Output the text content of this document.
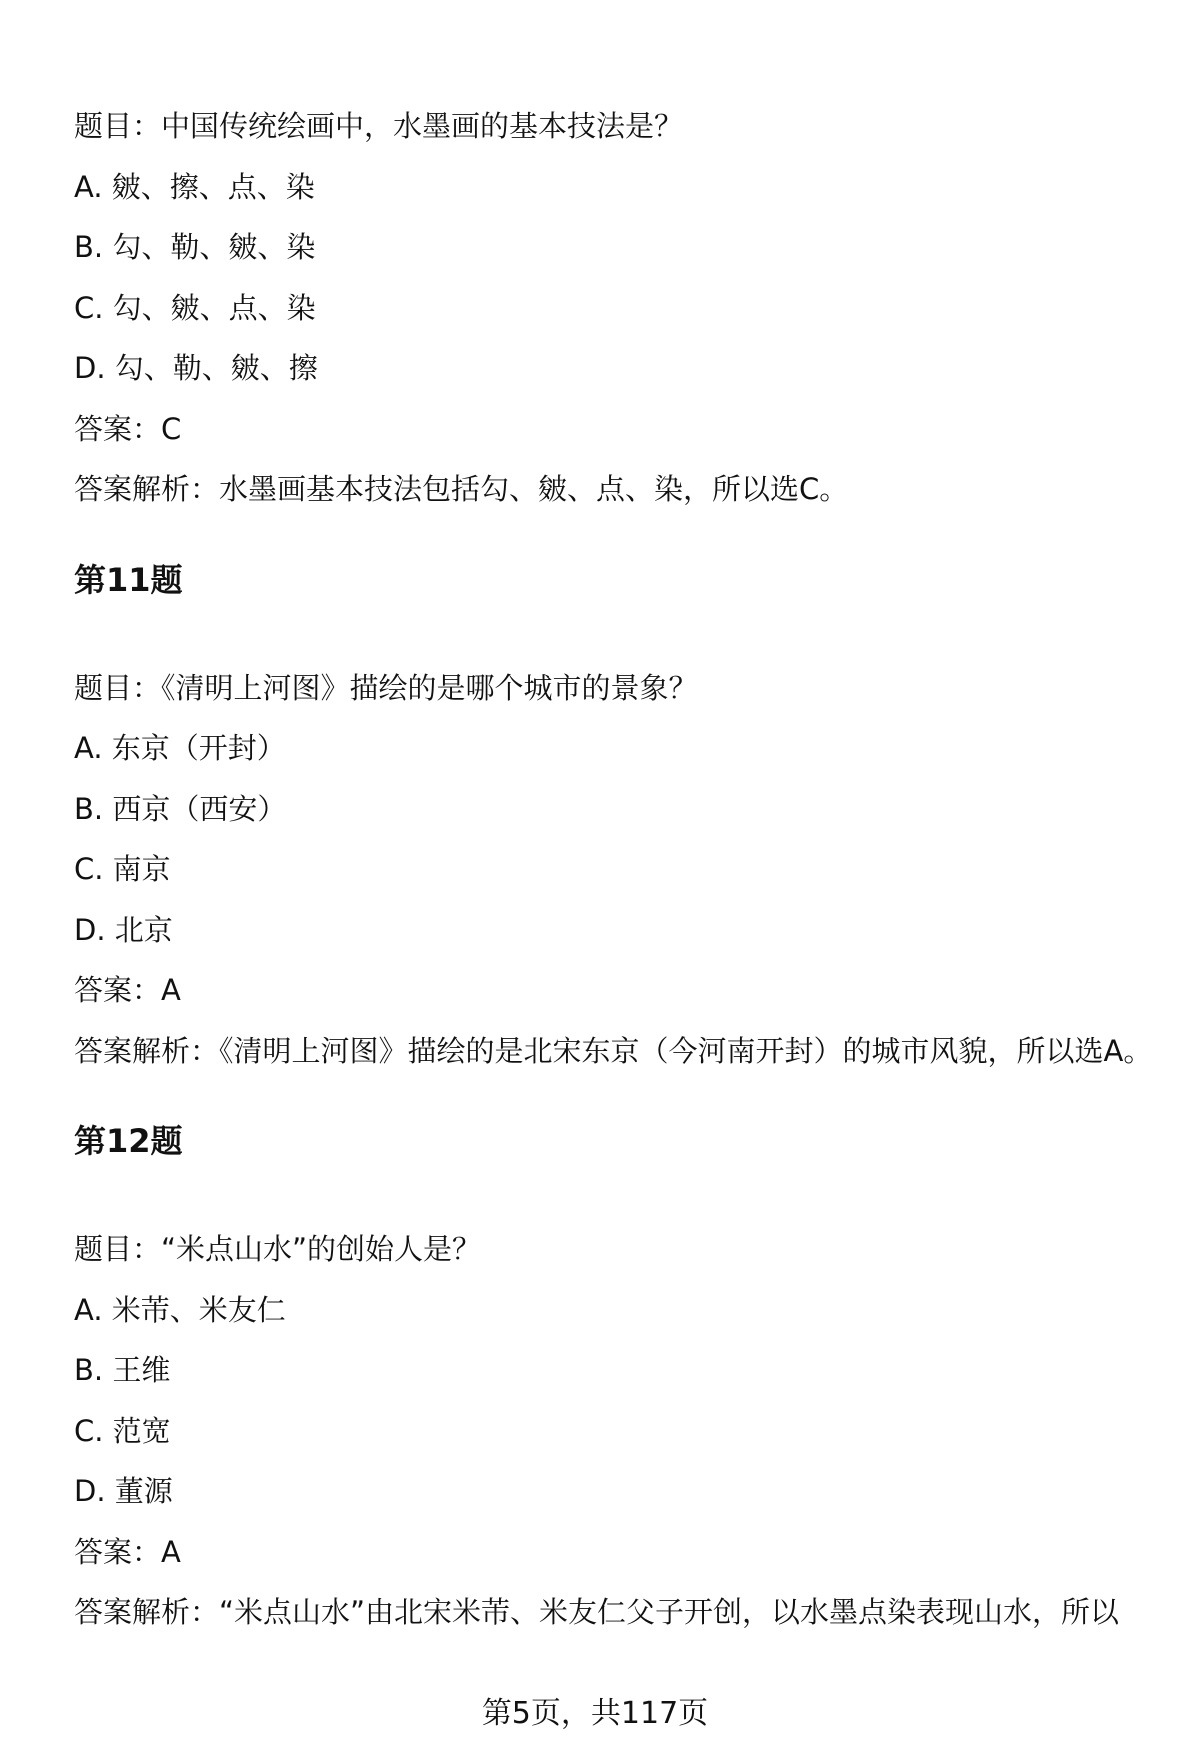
题目：中国传统绘画中，水墨画的基本技法是？
A. 皴、擦、点、染
B. 勾、勒、皴、染
C. 勾、皴、点、染
D. 勾、勒、皴、擦
答案：C
答案解析：水墨画基本技法包括勾、皴、点、染，所以选C。
第11题
题目：《清明上河图》描绘的是哪个城市的景象？
A. 东京（开封）
B. 西京（西安）
C. 南京
D. 北京
答案：A
答案解析：《清明上河图》描绘的是北宋东京（今河南开封）的城市风貌，所以选A。
第12题
题目：“米点山水”的创始人是？
A. 米芾、米友仁
B. 王维
C. 范宽
D. 董源
答案：A
答案解析：“米点山水”由北宋米芾、米友仁父子开创，以水墨点染表现山水，所以
第5页，共117页
